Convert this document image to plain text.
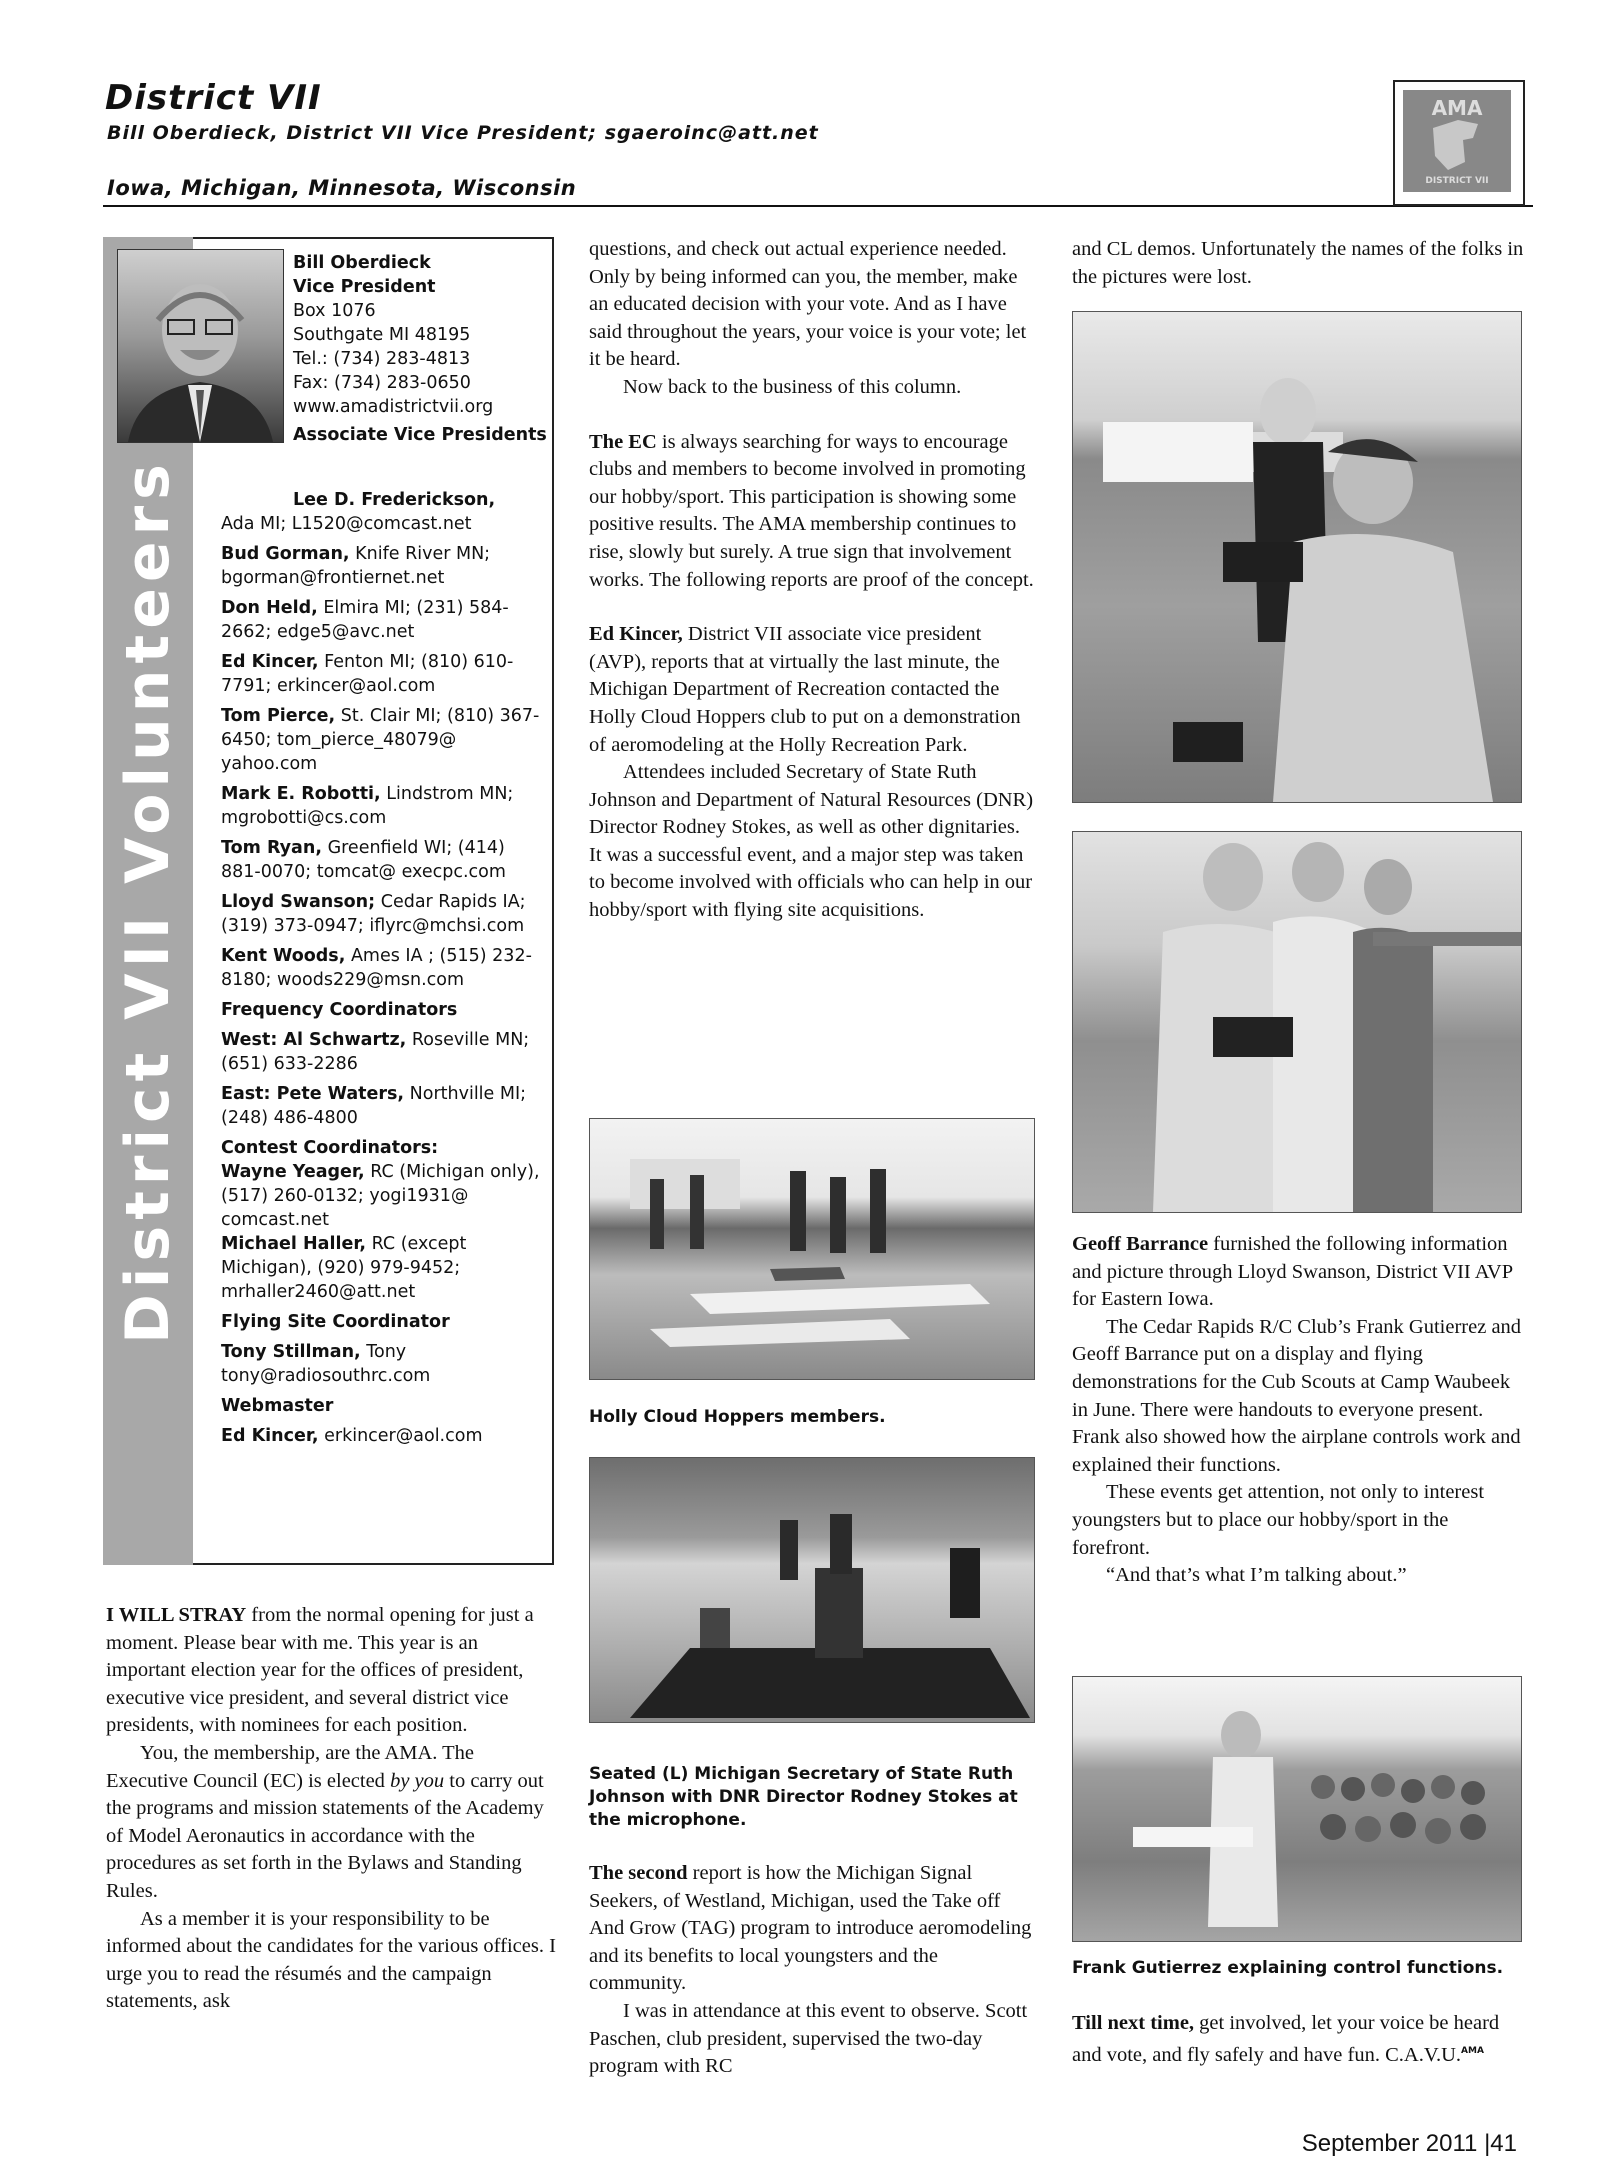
District VII
Bill Oberdieck, District VII Vice President; sgaeroinc@att.net
Iowa, Michigan, Minnesota, Wisconsin
AMA
DISTRICT VII
District VII Volunteers
Bill Oberdieck
Vice President
Box 1076
Southgate MI 48195
Tel.: (734) 283-4813
Fax: (734) 283-0650
www.amadistrictvii.org
Associate Vice Presidents
Lee D. Frederickson,
Ada MI; L1520@comcast.net
Bud Gorman, Knife River MN; bgorman@frontiernet.net
Don Held, Elmira MI; (231) 584-2662; edge5@avc.net
Ed Kincer, Fenton MI; (810) 610-7791; erkincer@aol.com
Tom Pierce, St. Clair MI; (810) 367-6450; tom_pierce_48079@ yahoo.com
Mark E. Robotti, Lindstrom MN; mgrobotti@cs.com
Tom Ryan, Greenfield WI; (414) 881-0070; tomcat@ execpc.com
Lloyd Swanson; Cedar Rapids IA; (319) 373-0947; iflyrc@mchsi.com
Kent Woods, Ames IA ; (515) 232-8180; woods229@msn.com
Frequency Coordinators
West: Al Schwartz, Roseville MN; (651) 633-2286
East: Pete Waters, Northville MI; (248) 486-4800
Contest Coordinators:
Wayne Yeager, RC (Michigan only), (517) 260-0132; yogi1931@ comcast.net
Michael Haller, RC (except Michigan), (920) 979-9452; mrhaller2460@att.net
Flying Site Coordinator
Tony Stillman, Tony tony@radiosouthrc.com
Webmaster
Ed Kincer, erkincer@aol.com

I WILL STRAY from the normal opening for just a moment. Please bear with me. This year is an important election year for the offices of president, executive vice president, and several district vice presidents, with nominees for each position.

You, the membership, are the AMA. The Executive Council (EC) is elected by you to carry out the programs and mission statements of the Academy of Model Aeronautics in accordance with the procedures as set forth in the Bylaws and Standing Rules.

As a member it is your responsibility to be informed about the candidates for the various offices. I urge you to read the résumés and the campaign statements, ask

questions, and check out actual experience needed. Only by being informed can you, the member, make an educated decision with your vote. And as I have said throughout the years, your voice is your vote; let it be heard.

Now back to the business of this column.

The EC is always searching for ways to encourage clubs and members to become involved in promoting our hobby/sport. This participation is showing some positive results. The AMA membership continues to rise, slowly but surely. A true sign that involvement works. The following reports are proof of the concept.

Ed Kincer, District VII associate vice president (AVP), reports that at virtually the last minute, the Michigan Department of Recreation contacted the Holly Cloud Hoppers club to put on a demonstration of aeromodeling at the Holly Recreation Park.

Attendees included Secretary of State Ruth Johnson and Department of Natural Resources (DNR) Director Rodney Stokes, as well as other dignitaries. It was a successful event, and a major step was taken to become involved with officials who can help in our hobby/sport with flying site acquisitions.

Holly Cloud Hoppers members.
Seated (L) Michigan Secretary of State Ruth Johnson with DNR Director Rodney Stokes at the microphone.

The second report is how the Michigan Signal Seekers, of Westland, Michigan, used the Take off And Grow (TAG) program to introduce aeromodeling and its benefits to local youngsters and the community.

I was in attendance at this event to observe. Scott Paschen, club president, supervised the two-day program with RC

and CL demos. Unfortunately the names of the folks in the pictures were lost.

Geoff Barrance furnished the following information and picture through Lloyd Swanson, District VII AVP for Eastern Iowa.

The Cedar Rapids R/C Club’s Frank Gutierrez and Geoff Barrance put on a display and flying demonstrations for the Cub Scouts at Camp Waubeek in June. There were handouts to everyone present. Frank also showed how the airplane controls work and explained their functions.

These events get attention, not only to interest youngsters but to place our hobby/sport in the forefront.

“And that’s what I’m talking about.”

Frank Gutierrez explaining control functions.

Till next time, get involved, let your voice be heard and vote, and fly safely and have fun. C.A.V.U.$^{AMA}$

September 2011 |41
